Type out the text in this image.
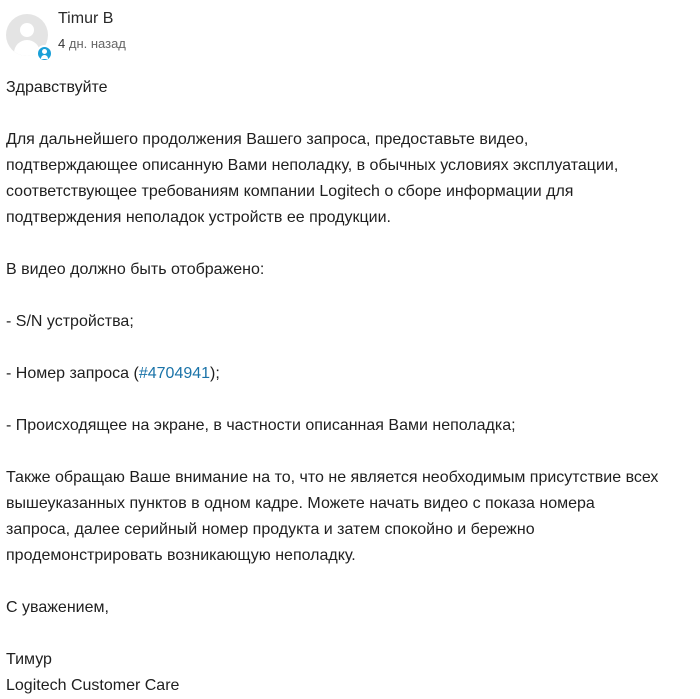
Timur B
4 дн. назад

Здравствуйте

Для дальнейшего продолжения Вашего запроса, предоставьте видео,

подтверждающее описанную Вами неполадку, в обычных условиях эксплуатации,

соответствующее требованиям компании Logitech о сборе информации для

подтверждения неполадок устройств ее продукции.

В видео должно быть отображено:

- S/N устройства;

- Номер запроса (#4704941);

- Происходящее на экране, в частности описанная Вами неполадка;

Также обращаю Ваше внимание на то, что не является необходимым присутствие всех

вышеуказанных пунктов в одном кадре. Можете начать видео с показа номера

запроса, далее серийный номер продукта и затем спокойно и бережно

продемонстрировать возникающую неполадку.

С уважением,

Тимур

Logitech Customer Care
